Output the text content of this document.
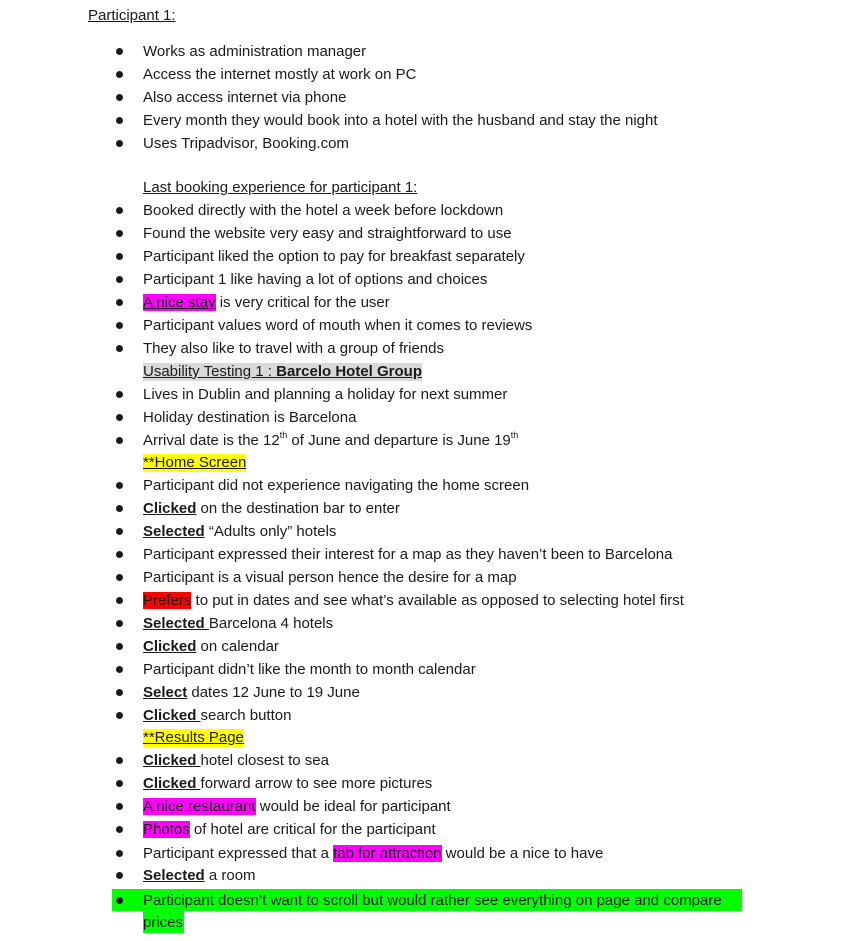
Participant 1:
Works as administration manager
Access the internet mostly at work on PC
Also access internet via phone
Every month they would book into a hotel with the husband and stay the night
Uses Tripadvisor, Booking.com
Last booking experience for participant 1:
Booked directly with the hotel a week before lockdown
Found the website very easy and straightforward to use
Participant liked the option to pay for breakfast separately
Participant 1 like having a lot of options and choices
A nice stay is very critical for the user
Participant values word of mouth when it comes to reviews
They also like to travel with a group of friends
Usability Testing 1 : Barcelo Hotel Group
Lives in Dublin and planning a holiday for next summer
Holiday destination is Barcelona
Arrival date is the 12th of June and departure is June 19th
**Home Screen
Participant did not experience navigating the home screen
Clicked on the destination bar to enter
Selected “Adults only” hotels
Participant expressed their interest for a map as they haven’t been to Barcelona
Participant is a visual person hence the desire for a map
Prefers to put in dates and see what’s available as opposed to selecting hotel first
Selected Barcelona 4 hotels
Clicked on calendar
Participant didn’t like the month to month calendar
Select dates 12 June to 19 June
Clicked search button
**Results Page
Clicked hotel closest to sea
Clicked forward arrow to see more pictures
A nice restaurant would be ideal for participant
Photos of hotel are critical for the participant
Participant expressed that a tab for attraction would be a nice to have
Selected a room
Participant doesn’t want to scroll but would rather see everything on page and compare
prices
